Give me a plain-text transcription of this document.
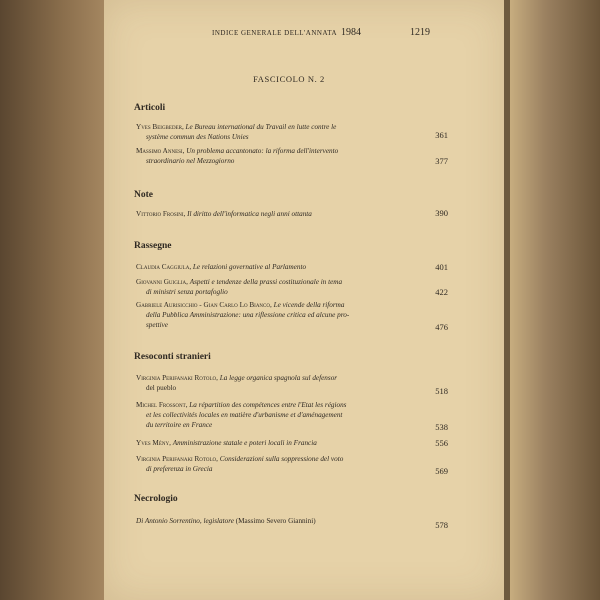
INDICE GENERALE DELL'ANNATA 1984	1219
FASCICOLO N. 2
Articoli
Yves Beigbeder, Le Bureau international du Travail en lutte contre le
système commun des Nations Unies	361
Massimo Annesi, Un problema accantonato: la riforma dell'intervento
straordinario nel Mezzogiorno	377
Note
Vittorio Frosini, Il diritto dell'informatica negli anni ottanta	390
Rassegne
Claudia Caggiula, Le relazioni governative al Parlamento	401
Giovanni Guiglia, Aspetti e tendenze della prassi costituzionale in tema
di ministri senza portafoglio	422
Gabriele Aurisicchio - Gian Carlo Lo Bianco, Le vicende della riforma
della Pubblica Amministrazione: una riflessione critica ed alcune pro-
spettive	476
Resoconti stranieri
Virginia Perifanaki Rotolo, La legge organica spagnola sul defensor
del pueblo	518
Michel Frossont, La répartition des compétences entre l'Etat les régions
et les collectivités locales en matière d'urbanisme et d'aménagement
du territoire en France	538
Yves Mény, Amministrazione statale e poteri locali in Francia	556
Virginia Perifanaki Rotolo, Considerazioni sulla soppressione del voto
di preferenza in Grecia	569
Necrologio
Di Antonio Sorrentino, legislatore (Massimo Severo Giannini)	578
